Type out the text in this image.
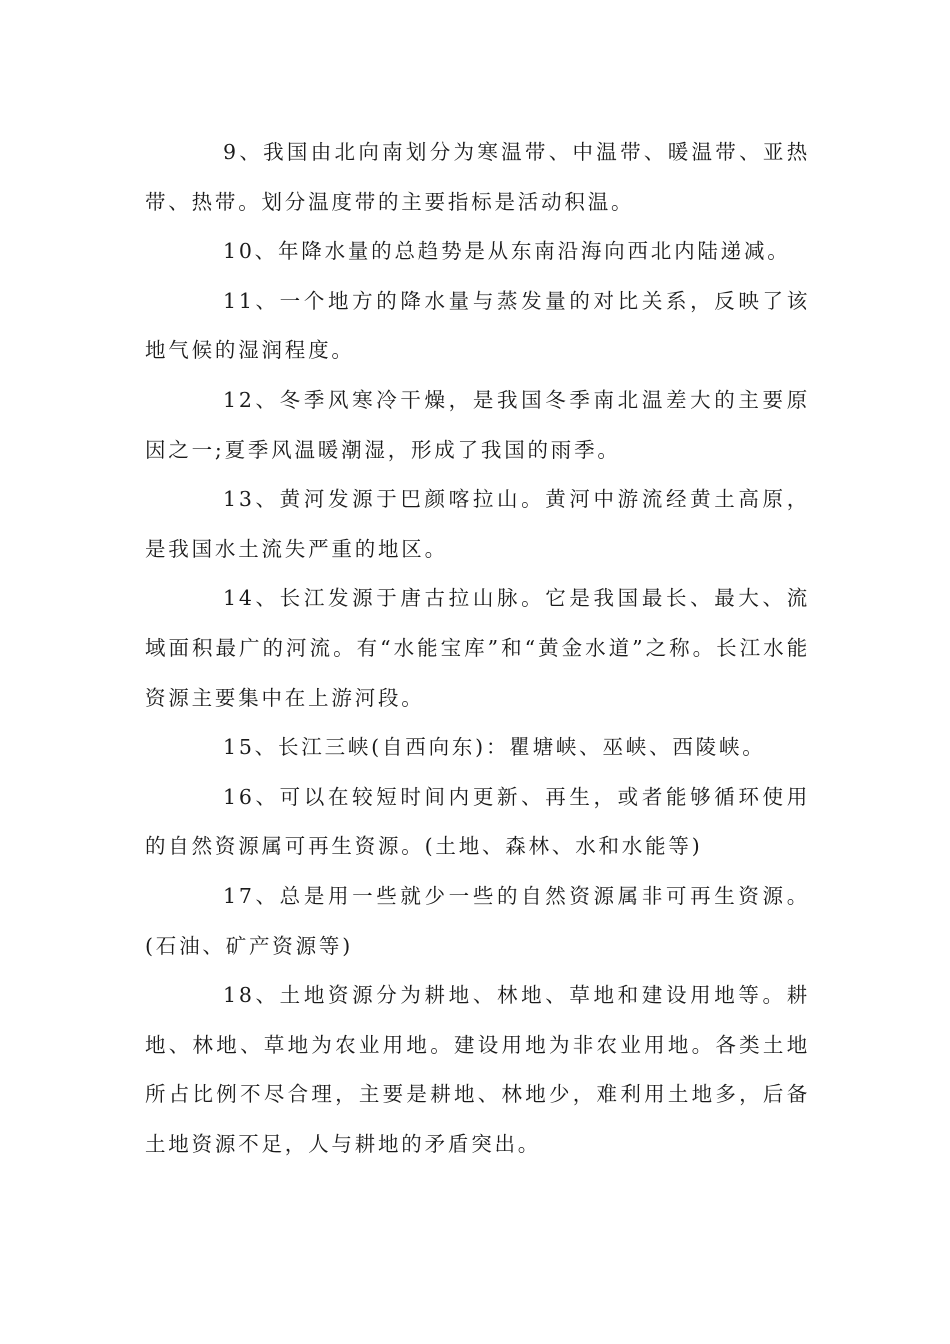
9、我国由北向南划分为寒温带、中温带、暖温带、亚热带、热带。划分温度带的主要指标是活动积温。

10、年降水量的总趋势是从东南沿海向西北内陆递减。

11、一个地方的降水量与蒸发量的对比关系，反映了该地气候的湿润程度。

12、冬季风寒冷干燥，是我国冬季南北温差大的主要原因之一;夏季风温暖潮湿，形成了我国的雨季。

13、黄河发源于巴颜喀拉山。黄河中游流经黄土高原，是我国水土流失严重的地区。

14、长江发源于唐古拉山脉。它是我国最长、最大、流域面积最广的河流。有“水能宝库”和“黄金水道”之称。长江水能资源主要集中在上游河段。

15、长江三峡(自西向东)：瞿塘峡、巫峡、西陵峡。

16、可以在较短时间内更新、再生，或者能够循环使用的自然资源属可再生资源。(土地、森林、水和水能等)

17、总是用一些就少一些的自然资源属非可再生资源。(石油、矿产资源等)

18、土地资源分为耕地、林地、草地和建设用地等。耕地、林地、草地为农业用地。建设用地为非农业用地。各类土地所占比例不尽合理，主要是耕地、林地少，难利用土地多，后备土地资源不足，人与耕地的矛盾突出。
